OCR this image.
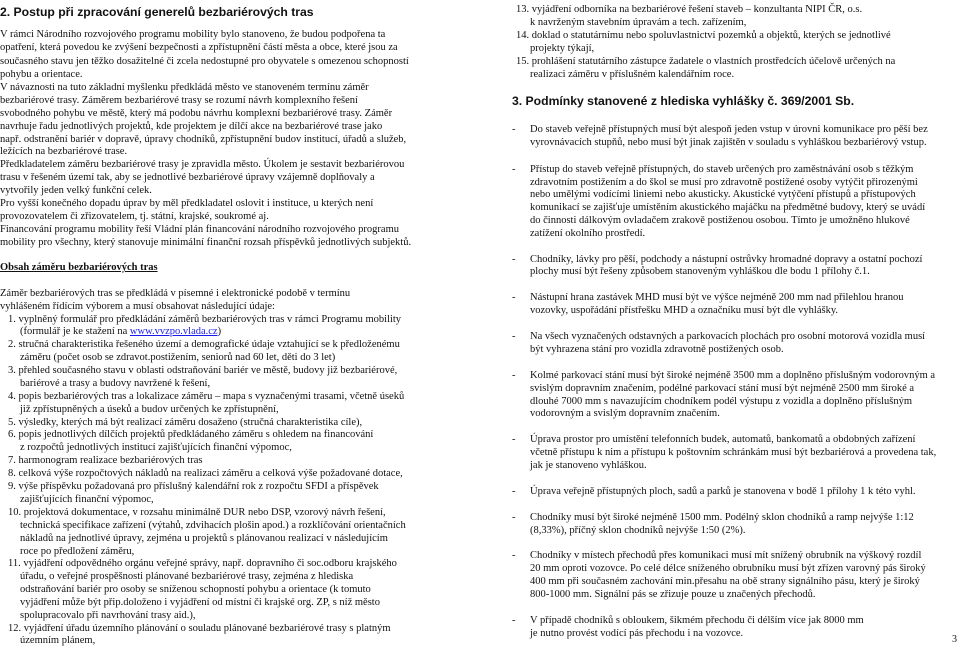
2. Postup při zpracování generelů bezbariérových tras

V rámci Národního rozvojového programu mobility bylo stanoveno, že budou podpořena ta

opatření, která povedou ke zvýšení bezpečnosti a zpřístupnění částí města a obce, které jsou za

současného stavu jen těžko dosažitelné či zcela nedostupné pro obyvatele s omezenou schopností

pohybu a orientace.

V návaznosti na tuto základní myšlenku předkládá město ve stanoveném termínu záměr

bezbariérové trasy. Záměrem bezbariérové trasy se rozumí návrh komplexního řešení

svobodného pohybu ve městě, který má podobu návrhu komplexní bezbariérové trasy. Záměr

navrhuje řadu jednotlivých projektů, kde projektem je dílčí akce na bezbariérové trase jako

např. odstranění bariér v dopravě, úpravy chodníků, zpřístupnění budov institucí, úřadů a služeb,

ležících na bezbariérové trase.

Předkladatelem záměru bezbariérové trasy je zpravidla město. Úkolem je sestavit bezbariérovou

trasu v řešeném území tak, aby se jednotlivé bezbariérové úpravy vzájemně doplňovaly a

vytvořily jeden velký funkční celek.

Pro vyšší konečného dopadu úprav by měl předkladatel oslovit i instituce, u kterých není

provozovatelem či zřizovatelem, tj. státní, krajské, soukromé aj.

Financování programu mobility řeší Vládní plán financování národního rozvojového programu

mobility pro všechny, který stanovuje minimální finanční rozsah příspěvků jednotlivých subjektů.

Obsah záměru bezbariérových tras

Záměr bezbariérových tras se předkládá v písemné i elektronické podobě v termínu

vyhlášeném řídícím výborem a musí obsahovat následující údaje:

1. vyplněný formulář pro předkládání záměrů bezbariérových tras v rámci Programu mobility

(formulář je ke stažení na www.vvzpo.vlada.cz)

2. stručná charakteristika řešeného území a demografické údaje vztahující se k předloženému

záměru (počet osob se zdravot.postižením, seniorů nad 60 let, děti do 3 let)

3. přehled současného stavu v oblasti odstraňování bariér ve městě, budovy již bezbariérové,

bariérové a trasy a budovy navržené k řešení,

4. popis bezbariérových tras a lokalizace záměru – mapa s vyznačenými trasami, včetně úseků

již zpřístupněných a úseků a budov určených ke zpřístupnění,

5. výsledky, kterých má být realizací záměru dosaženo (stručná charakteristika cíle),

6. popis jednotlivých dílčích projektů předkládaného záměru s ohledem na financování

z rozpočtů jednotlivých institucí zajišťujících finanční výpomoc,

7. harmonogram realizace bezbariérových tras

8. celková výše rozpočtových nákladů na realizaci záměru a celková výše požadované dotace,

9. výše příspěvku požadovaná pro příslušný kalendářní rok z rozpočtu SFDI a příspěvek

zajišťujících finanční výpomoc,

10. projektová dokumentace, v rozsahu minimálně DUR nebo DSP, vzorový návrh řešení,

technická specifikace zařízení (výtahů, zdvihacích plošin apod.) a rozklíčování orientačních

nákladů na jednotlivé úpravy, zejména u projektů s plánovanou realizací v následujícím

roce po předložení záměru,

11. vyjádření odpovědného orgánu veřejné správy, např. dopravního či soc.odboru krajského

úřadu, o veřejné prospěšnosti plánované bezbariérové trasy, zejména z hlediska

odstraňování bariér pro osoby se sníženou schopností pohybu a orientace (k tomuto

vyjádření může být přip.doloženo i vyjádření od místní či krajské org. ZP, s níž město

spolupracovalo při navrhování trasy aid.),

12. vyjádření úřadu územního plánování o souladu plánované bezbariérové trasy s platným

územním plánem,

13. vyjádření odborníka na bezbariérové řešení staveb – konzultanta NIPI ČR, o.s.

k navrženým stavebním úpravám a tech. zařízením,

14. doklad o statutárnímu nebo spoluvlastnictví pozemků a objektů, kterých se jednotlivé

projekty týkají,

15. prohlášení statutárního zástupce žadatele o vlastních prostředcích účelově určených na

realizaci záměru v příslušném kalendářním roce.

3. Podmínky stanovené z hlediska vyhlášky č. 369/2001 Sb.

- Do staveb veřejně přístupných musí být alespoň jeden vstup v úrovni komunikace pro pěší bez

vyrovnávacích stupňů, nebo musí být jinak zajištěn v souladu s vyhláškou bezbariérový vstup.

- Přístup do staveb veřejně přístupných, do staveb určených pro zaměstnávání osob s těžkým

zdravotním postižením a do škol se musí pro zdravotně postižené osoby vytýčit přirozenými

nebo umělými vodícími liniemi nebo akusticky. Akustické vytýčení přístupů a přístupových

komunikací se zajišťuje umístěním akustického majáčku na předmětné budovy, který se uvádí

do činnosti dálkovým ovladačem zrakově postiženou osobou. Tímto je umožněno hlukové

zatížení okolního prostředí.

- Chodníky, lávky pro pěší, podchody a nástupní ostrůvky hromadné dopravy a ostatní pochozí

plochy musí být řešeny způsobem stanoveným vyhláškou dle bodu 1 přílohy č.1.

- Nástupní hrana zastávek MHD musí být ve výšce nejméně 200 mm nad přilehlou hranou

vozovky, uspořádání přístřešku MHD a označníku musí být dle vyhlášky.

- Na všech vyznačených odstavných a parkovacích plochách pro osobní motorová vozidla musí

být vyhrazena stání pro vozidla zdravotně postižených osob.

- Kolmé parkovací stání musí být široké nejméně 3500 mm a doplněno příslušným vodorovným a

svislým dopravním značením, podélné parkovací stání musí být nejméně 2500 mm široké a

dlouhé 7000 mm s navazujícím chodníkem podél výstupu z vozidla a doplněno příslušným

vodorovným a svislým dopravním značením.

- Úprava prostor pro umístění telefonních budek, automatů, bankomatů a obdobných zařízení

včetně přístupu k nim a přístupu k poštovním schránkám musí být bezbariérová a provedena tak,

jak je stanoveno vyhláškou.

- Úprava veřejně přístupných ploch, sadů a parků je stanovena v bodě 1 přílohy 1 k této vyhl.

- Chodníky musí být široké nejméně 1500 mm. Podélný sklon chodníků a ramp nejvýše 1:12

(8,33%), příčný sklon chodníků nejvýše 1:50 (2%).

- Chodníky v místech přechodů přes komunikaci musí mít snížený obrubník na výškový rozdíl

20 mm oproti vozovce. Po celé délce sníženého obrubníku musí být zřízen varovný pás široký

400 mm při současném zachování min.přesahu na obě strany signálního pásu, který je široký

800-1000 mm. Signální pás se zřizuje pouze u značených přechodů.

- V případě chodníků s obloukem, šikmém přechodu či délším více jak 8000 mm

je nutno provést vodící pás přechodu i na vozovce.

3
